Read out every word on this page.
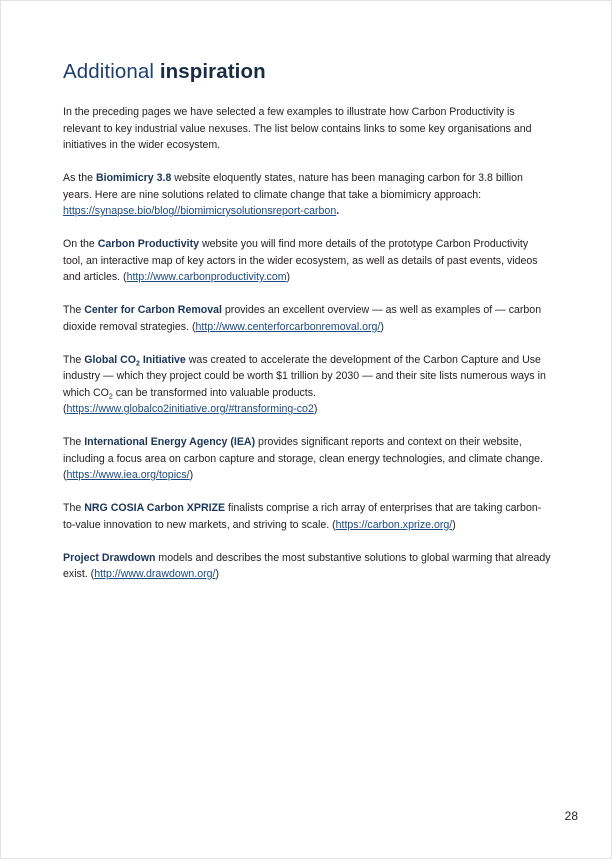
Additional inspiration

In the preceding pages we have selected a few examples to illustrate how Carbon Productivity is relevant to key industrial value nexuses. The list below contains links to some key organisations and initiatives in the wider ecosystem.

As the Biomimicry 3.8 website eloquently states, nature has been managing carbon for 3.8 billion years. Here are nine solutions related to climate change that take a biomimicry approach: https://synapse.bio/blog//biomimicrysolutionsreport-carbon.

On the Carbon Productivity website you will find more details of the prototype Carbon Productivity tool, an interactive map of key actors in the wider ecosystem, as well as details of past events, videos and articles. (http://www.carbonproductivity.com)

The Center for Carbon Removal provides an excellent overview — as well as examples of — carbon dioxide removal strategies. (http://www.centerforcarbonremoval.org/)

The Global $CO_2$ Initiative was created to accelerate the development of the Carbon Capture and Use industry — which they project could be worth $1 trillion by 2030 — and their site lists numerous ways in which $CO_2$ can be transformed into valuable products. (https://www.globalco2initiative.org/#transforming-co2)

The International Energy Agency (IEA) provides significant reports and context on their website, including a focus area on carbon capture and storage, clean energy technologies, and climate change. (https://www.iea.org/topics/)

The NRG COSIA Carbon XPRIZE finalists comprise a rich array of enterprises that are taking carbon-to-value innovation to new markets, and striving to scale. (https://carbon.xprize.org/)

Project Drawdown models and describes the most substantive solutions to global warming that already exist. (http://www.drawdown.org/)

28
